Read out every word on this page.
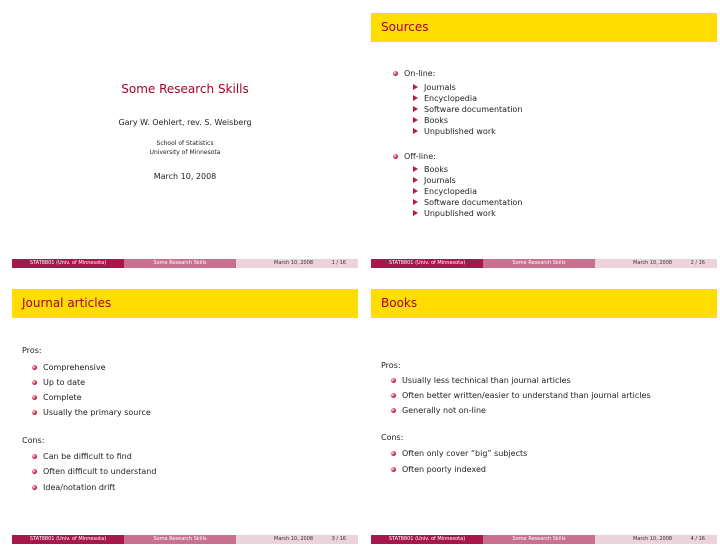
Some Research Skills
Gary W. Oehlert, rev. S. Weisberg
School of Statistics
University of Minnesota
March 10, 2008
STAT8801 (Univ. of Minnesota)	Some Research Skills	March 10, 2008	1 / 16
Sources
On-line:
Journals
Encyclopedia
Software documentation
Books
Unpublished work
Off-line:
Books
Journals
Encyclopedia
Software documentation
Unpublished work
STAT8801 (Univ. of Minnesota)	Some Research Skills	March 10, 2008	2 / 16
Journal articles
Pros:
Comprehensive
Up to date
Complete
Usually the primary source
Cons:
Can be difficult to find
Often difficult to understand
Idea/notation drift
STAT8801 (Univ. of Minnesota)	Some Research Skills	March 10, 2008	3 / 16
Books
Pros:
Usually less technical than journal articles
Often better written/easier to understand than journal articles
Generally not on-line
Cons:
Often only cover “big” subjects
Often poorly indexed
STAT8801 (Univ. of Minnesota)	Some Research Skills	March 10, 2008	4 / 16
